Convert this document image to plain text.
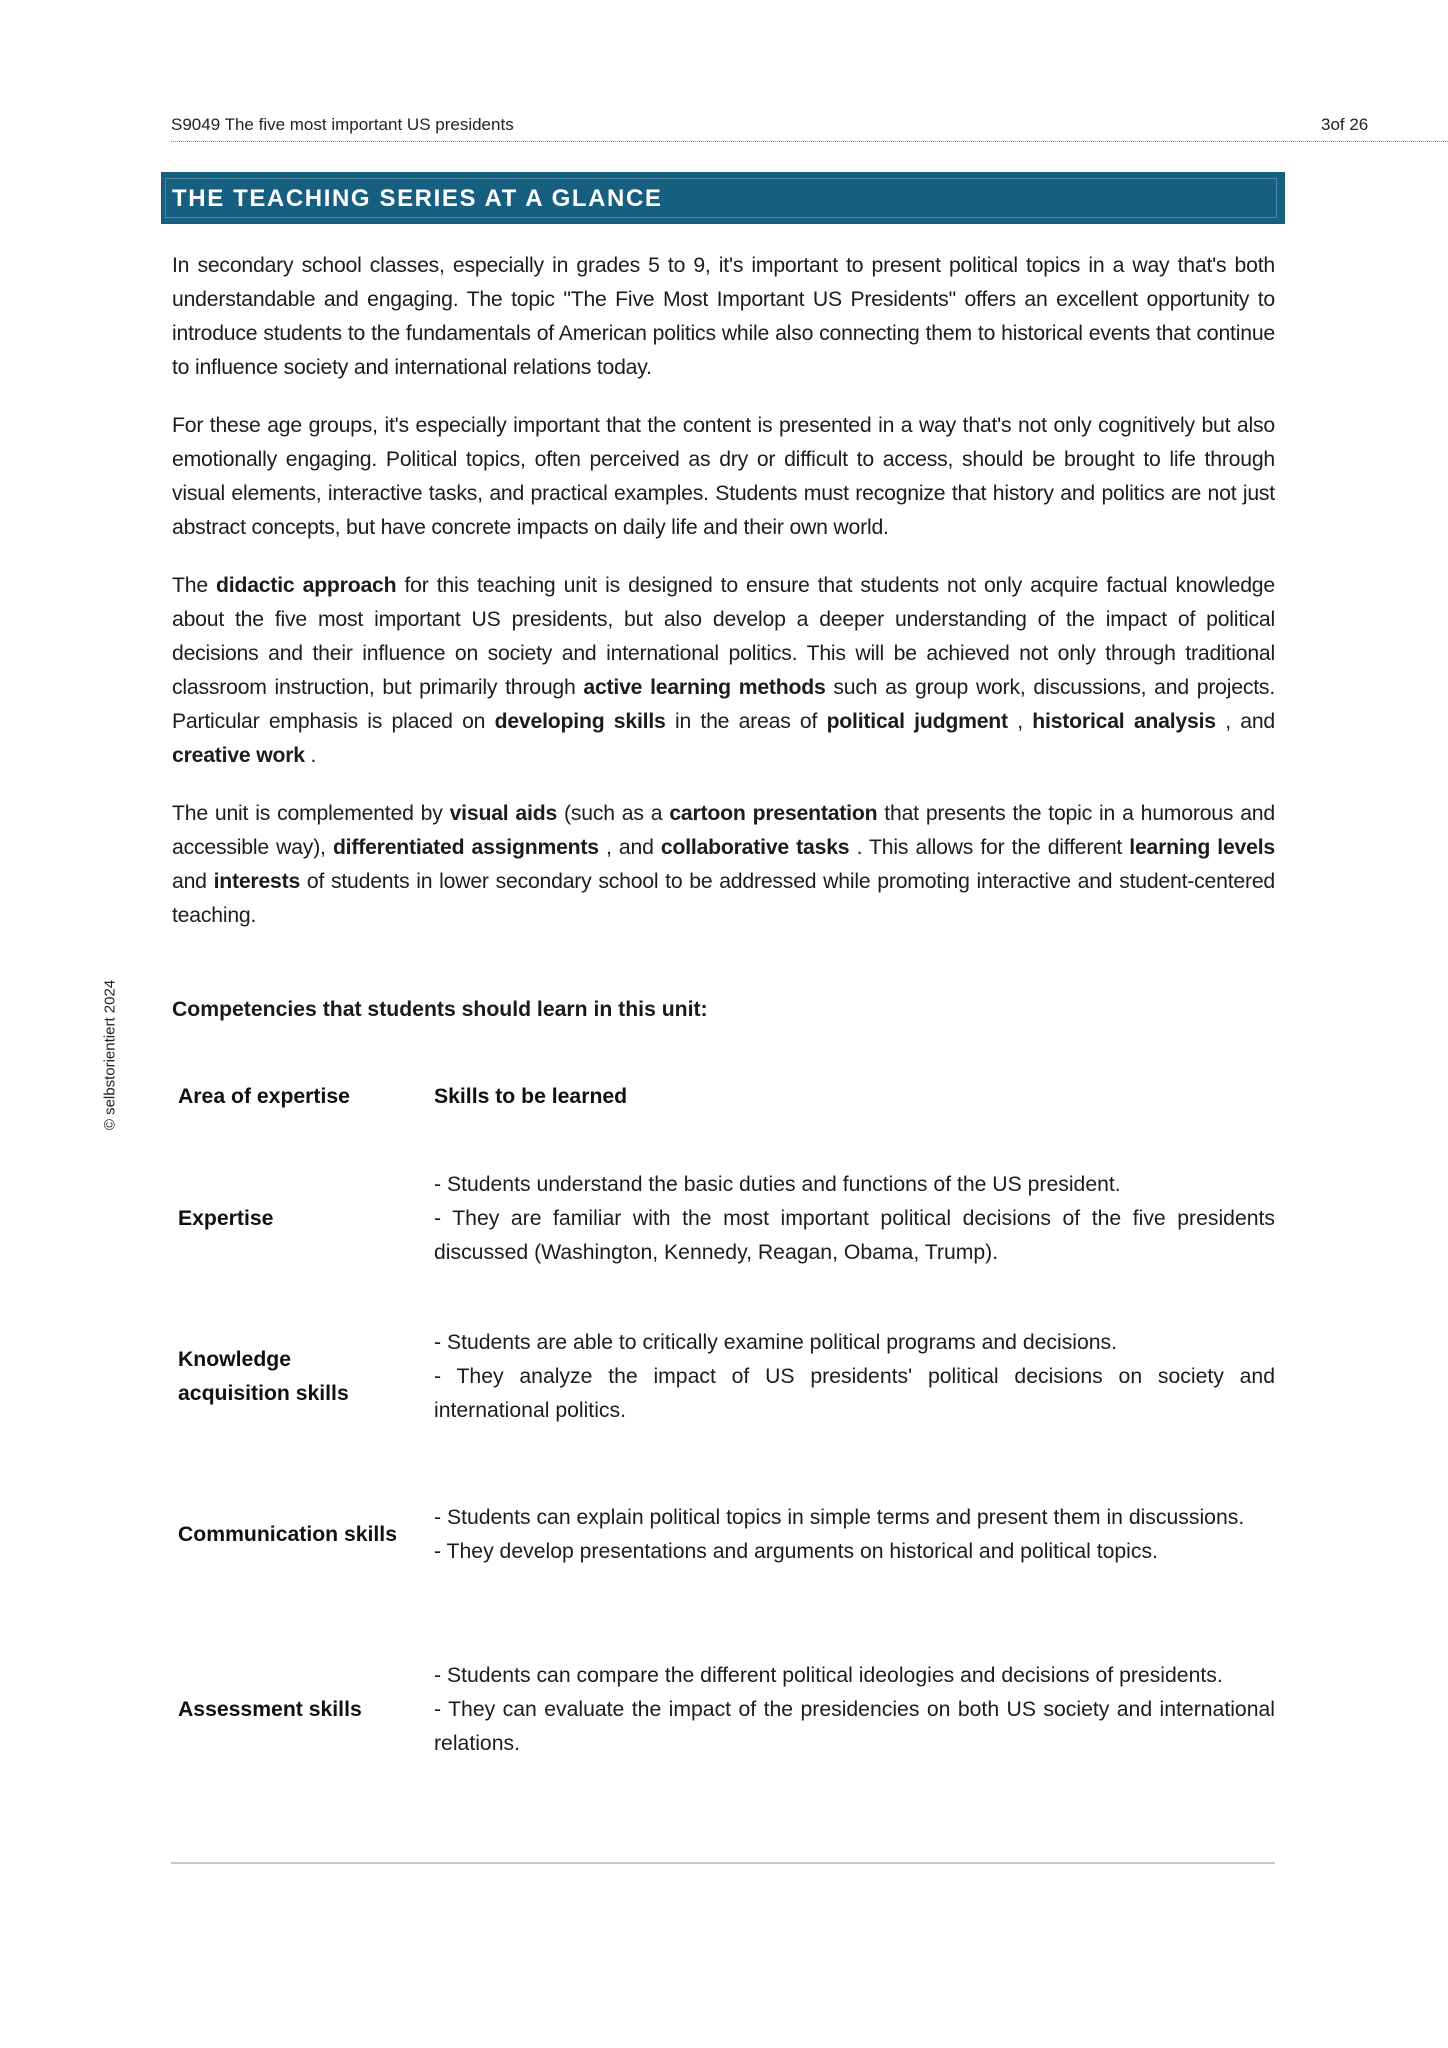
S9049 The five most important US presidents	3of 26
THE TEACHING SERIES AT A GLANCE

In secondary school classes, especially in grades 5 to 9, it's important to present political topics in a way that's both understandable and engaging. The topic "The Five Most Important US Presidents" offers an excellent opportunity to introduce students to the fundamentals of American politics while also connecting them to historical events that continue to influence society and international relations today.

For these age groups, it's especially important that the content is presented in a way that's not only cognitively but also emotionally engaging. Political topics, often perceived as dry or difficult to access, should be brought to life through visual elements, interactive tasks, and practical examples. Students must recognize that history and politics are not just abstract concepts, but have concrete impacts on daily life and their own world.

The didactic approach for this teaching unit is designed to ensure that students not only acquire factual knowledge about the five most important US presidents, but also develop a deeper understanding of the impact of political decisions and their influence on society and international politics. This will be achieved not only through traditional classroom instruction, but primarily through active learning methods such as group work, discussions, and projects. Particular emphasis is placed on developing skills in the areas of political judgment , historical analysis , and creative work .

The unit is complemented by visual aids (such as a cartoon presentation that presents the topic in a humorous and accessible way), differentiated assignments , and collaborative tasks . This allows for the different learning levels and interests of students in lower secondary school to be addressed while promoting interactive and student-centered teaching.

Competencies that students should learn in this unit:
Area of expertise	Skills to be learned
Expertise
- Students understand the basic duties and functions of the US president.
- They are familiar with the most important political decisions of the five presidents discussed (Washington, Kennedy, Reagan, Obama, Trump).
Knowledge acquisition skills
- Students are able to critically examine political programs and decisions.
- They analyze the impact of US presidents' political decisions on society and international politics.
Communication skills
- Students can explain political topics in simple terms and present them in discussions.
- They develop presentations and arguments on historical and political topics.
Assessment skills
- Students can compare the different political ideologies and decisions of presidents.
- They can evaluate the impact of the presidencies on both US society and international relations.
© selbstorientiert 2024
